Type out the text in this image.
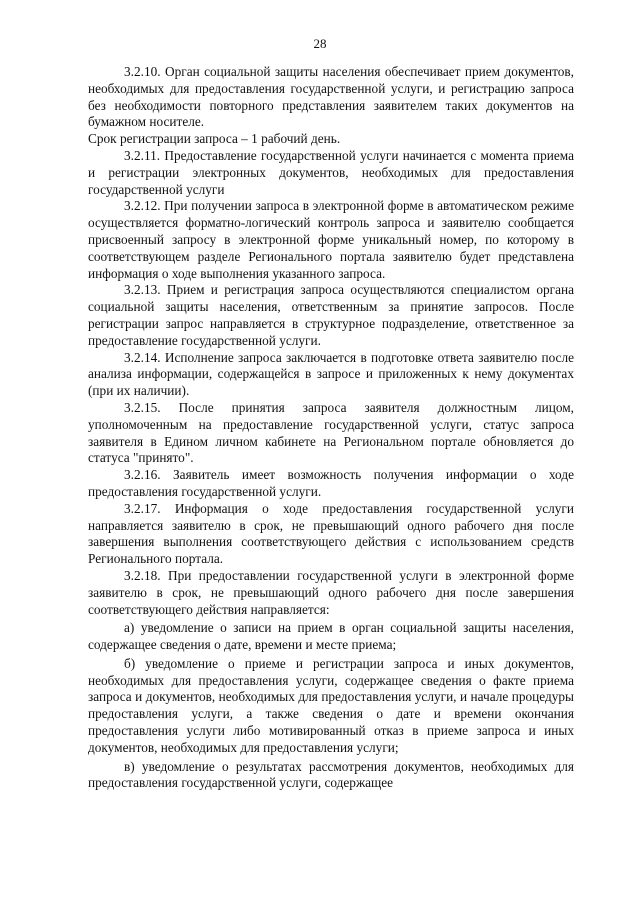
28

3.2.10. Орган социальной защиты населения обеспечивает прием документов, необходимых для предоставления государственной услуги, и регистрацию запроса без необходимости повторного представления заявителем таких документов на бумажном носителе.

Срок регистрации запроса – 1 рабочий день.

3.2.11. Предоставление государственной услуги начинается с момента приема и регистрации электронных документов, необходимых для предоставления государственной услуги

3.2.12. При получении запроса в электронной форме в автоматическом режиме осуществляется форматно-логический контроль запроса и заявителю сообщается присвоенный запросу в электронной форме уникальный номер, по которому в соответствующем разделе Регионального портала заявителю будет представлена информация о ходе выполнения указанного запроса.

3.2.13. Прием и регистрация запроса осуществляются специалистом органа социальной защиты населения, ответственным за принятие запросов. После регистрации запрос направляется в структурное подразделение, ответственное за предоставление государственной услуги.

3.2.14. Исполнение запроса заключается в подготовке ответа заявителю после анализа информации, содержащейся в запросе и приложенных к нему документах (при их наличии).

3.2.15. После принятия запроса заявителя должностным лицом, уполномоченным на предоставление государственной услуги, статус запроса заявителя в Едином личном кабинете на Региональном портале обновляется до статуса "принято".

3.2.16. Заявитель имеет возможность получения информации о ходе предоставления государственной услуги.

3.2.17. Информация о ходе предоставления государственной услуги направляется заявителю в срок, не превышающий одного рабочего дня после завершения выполнения соответствующего действия с использованием средств Регионального портала.

3.2.18. При предоставлении государственной услуги в электронной форме заявителю в срок, не превышающий одного рабочего дня после завершения соответствующего действия направляется:

а) уведомление о записи на прием в орган социальной защиты населения, содержащее сведения о дате, времени и месте приема;

б) уведомление о приеме и регистрации запроса и иных документов, необходимых для предоставления услуги, содержащее сведения о факте приема запроса и документов, необходимых для предоставления услуги, и начале процедуры предоставления услуги, а также сведения о дате и времени окончания предоставления услуги либо мотивированный отказ в приеме запроса и иных документов, необходимых для предоставления услуги;

в) уведомление о результатах рассмотрения документов, необходимых для предоставления государственной услуги, содержащее
